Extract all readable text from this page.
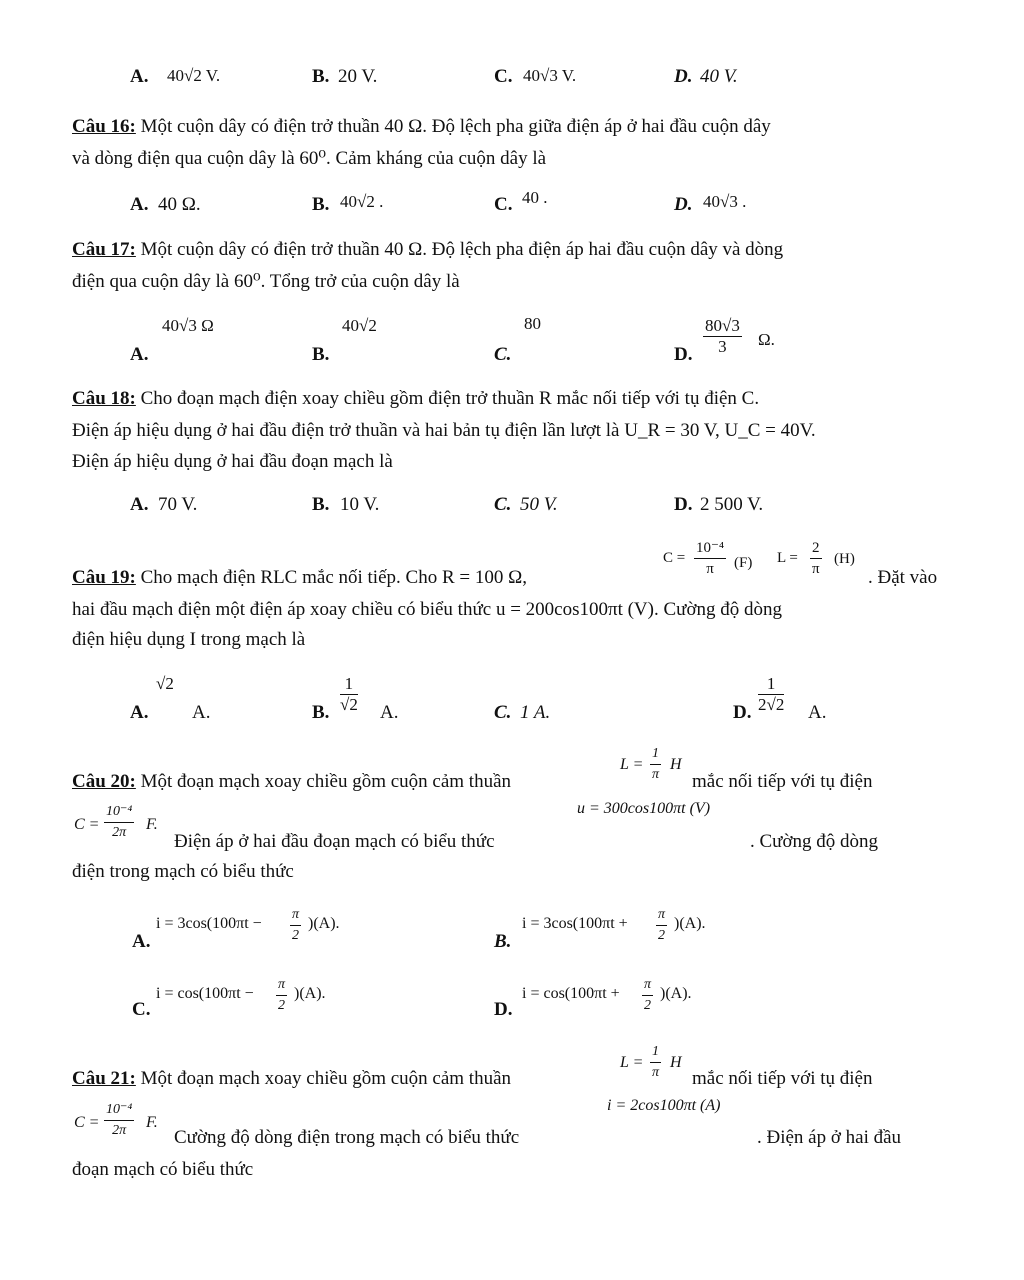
A. 40√2 V.	B. 20 V.	C. 40√3 V.	D. 40 V.
Câu 16: Một cuộn dây có điện trở thuần 40 Ω. Độ lệch pha giữa điện áp ở hai đầu cuộn dây
và dòng điện qua cuộn dây là 60⁰. Cảm kháng của cuộn dây là
A. 40 Ω.	B. 40√2 .	C. 40 .	D. 40√3 .
Câu 17: Một cuộn dây có điện trở thuần 40 Ω. Độ lệch pha điện áp hai đầu cuộn dây và dòng
điện qua cuộn dây là 60⁰. Tổng trở của cuộn dây là
A.
40√3 Ω
B.
40√2
C.
80
D. $\frac{80√3}{3} \Omega$.
Câu 18: Cho đoạn mạch điện xoay chiều gồm điện trở thuần R mắc nối tiếp với tụ điện C.
Điện áp hiệu dụng ở hai đầu điện trở thuần và hai bản tụ điện lần lượt là U_R = 30 V, U_C = 40V.
Điện áp hiệu dụng ở hai đầu đoạn mạch là
A. 70 V.	B. 10 V.	C. 50 V.	D. 2 500 V.
Câu 19: Cho mạch điện RLC mắc nối tiếp. Cho R = 100 Ω,
$C = \frac{\text{10⁻⁴}}{\pi} (F) L = \frac{2}{\pi} (H)$
. Đặt vào
hai đầu mạch điện một điện áp xoay chiều có biểu thức u = 200cos100πt (V). Cường độ dòng
điện hiệu dụng I trong mạch là
A.
√2
A.	B. $\frac{1}{√2} A$.	C. 1 A.	D. $\frac{1}{2√2} A$.
Câu 20: Một đoạn mạch xoay chiều gồm cuộn cảm thuần
$L = \frac{1}{\pi}$ H
mắc nối tiếp với tụ điện
$C = \frac{\text{10⁻⁴}}{2\pi} F$.
u = 300cos100πt (V)
Điện áp ở hai đầu đoạn mạch có biểu thức	. Cường độ dòng
điện trong mạch có biểu thức
A.
$i = 3\cos(100\pi t - \frac{\pi}{2} )(A)$.
B.
$i = 3\cos(100\pi t + \frac{\pi}{2} )(A)$.
C.
$i = \cos(100\pi t - \frac{\pi}{2} )(A)$.
D.
$i = \cos(100\pi t + \frac{\pi}{2} )(A)$.
Câu 21: Một đoạn mạch xoay chiều gồm cuộn cảm thuần
$L = \frac{1}{\pi}$ H
mắc nối tiếp với tụ điện
$C = \frac{\text{10⁻⁴}}{2\pi} F$.
i = 2cos100πt (A)
Cường độ dòng điện trong mạch có biểu thức	. Điện áp ở hai đầu
đoạn mạch có biểu thức
